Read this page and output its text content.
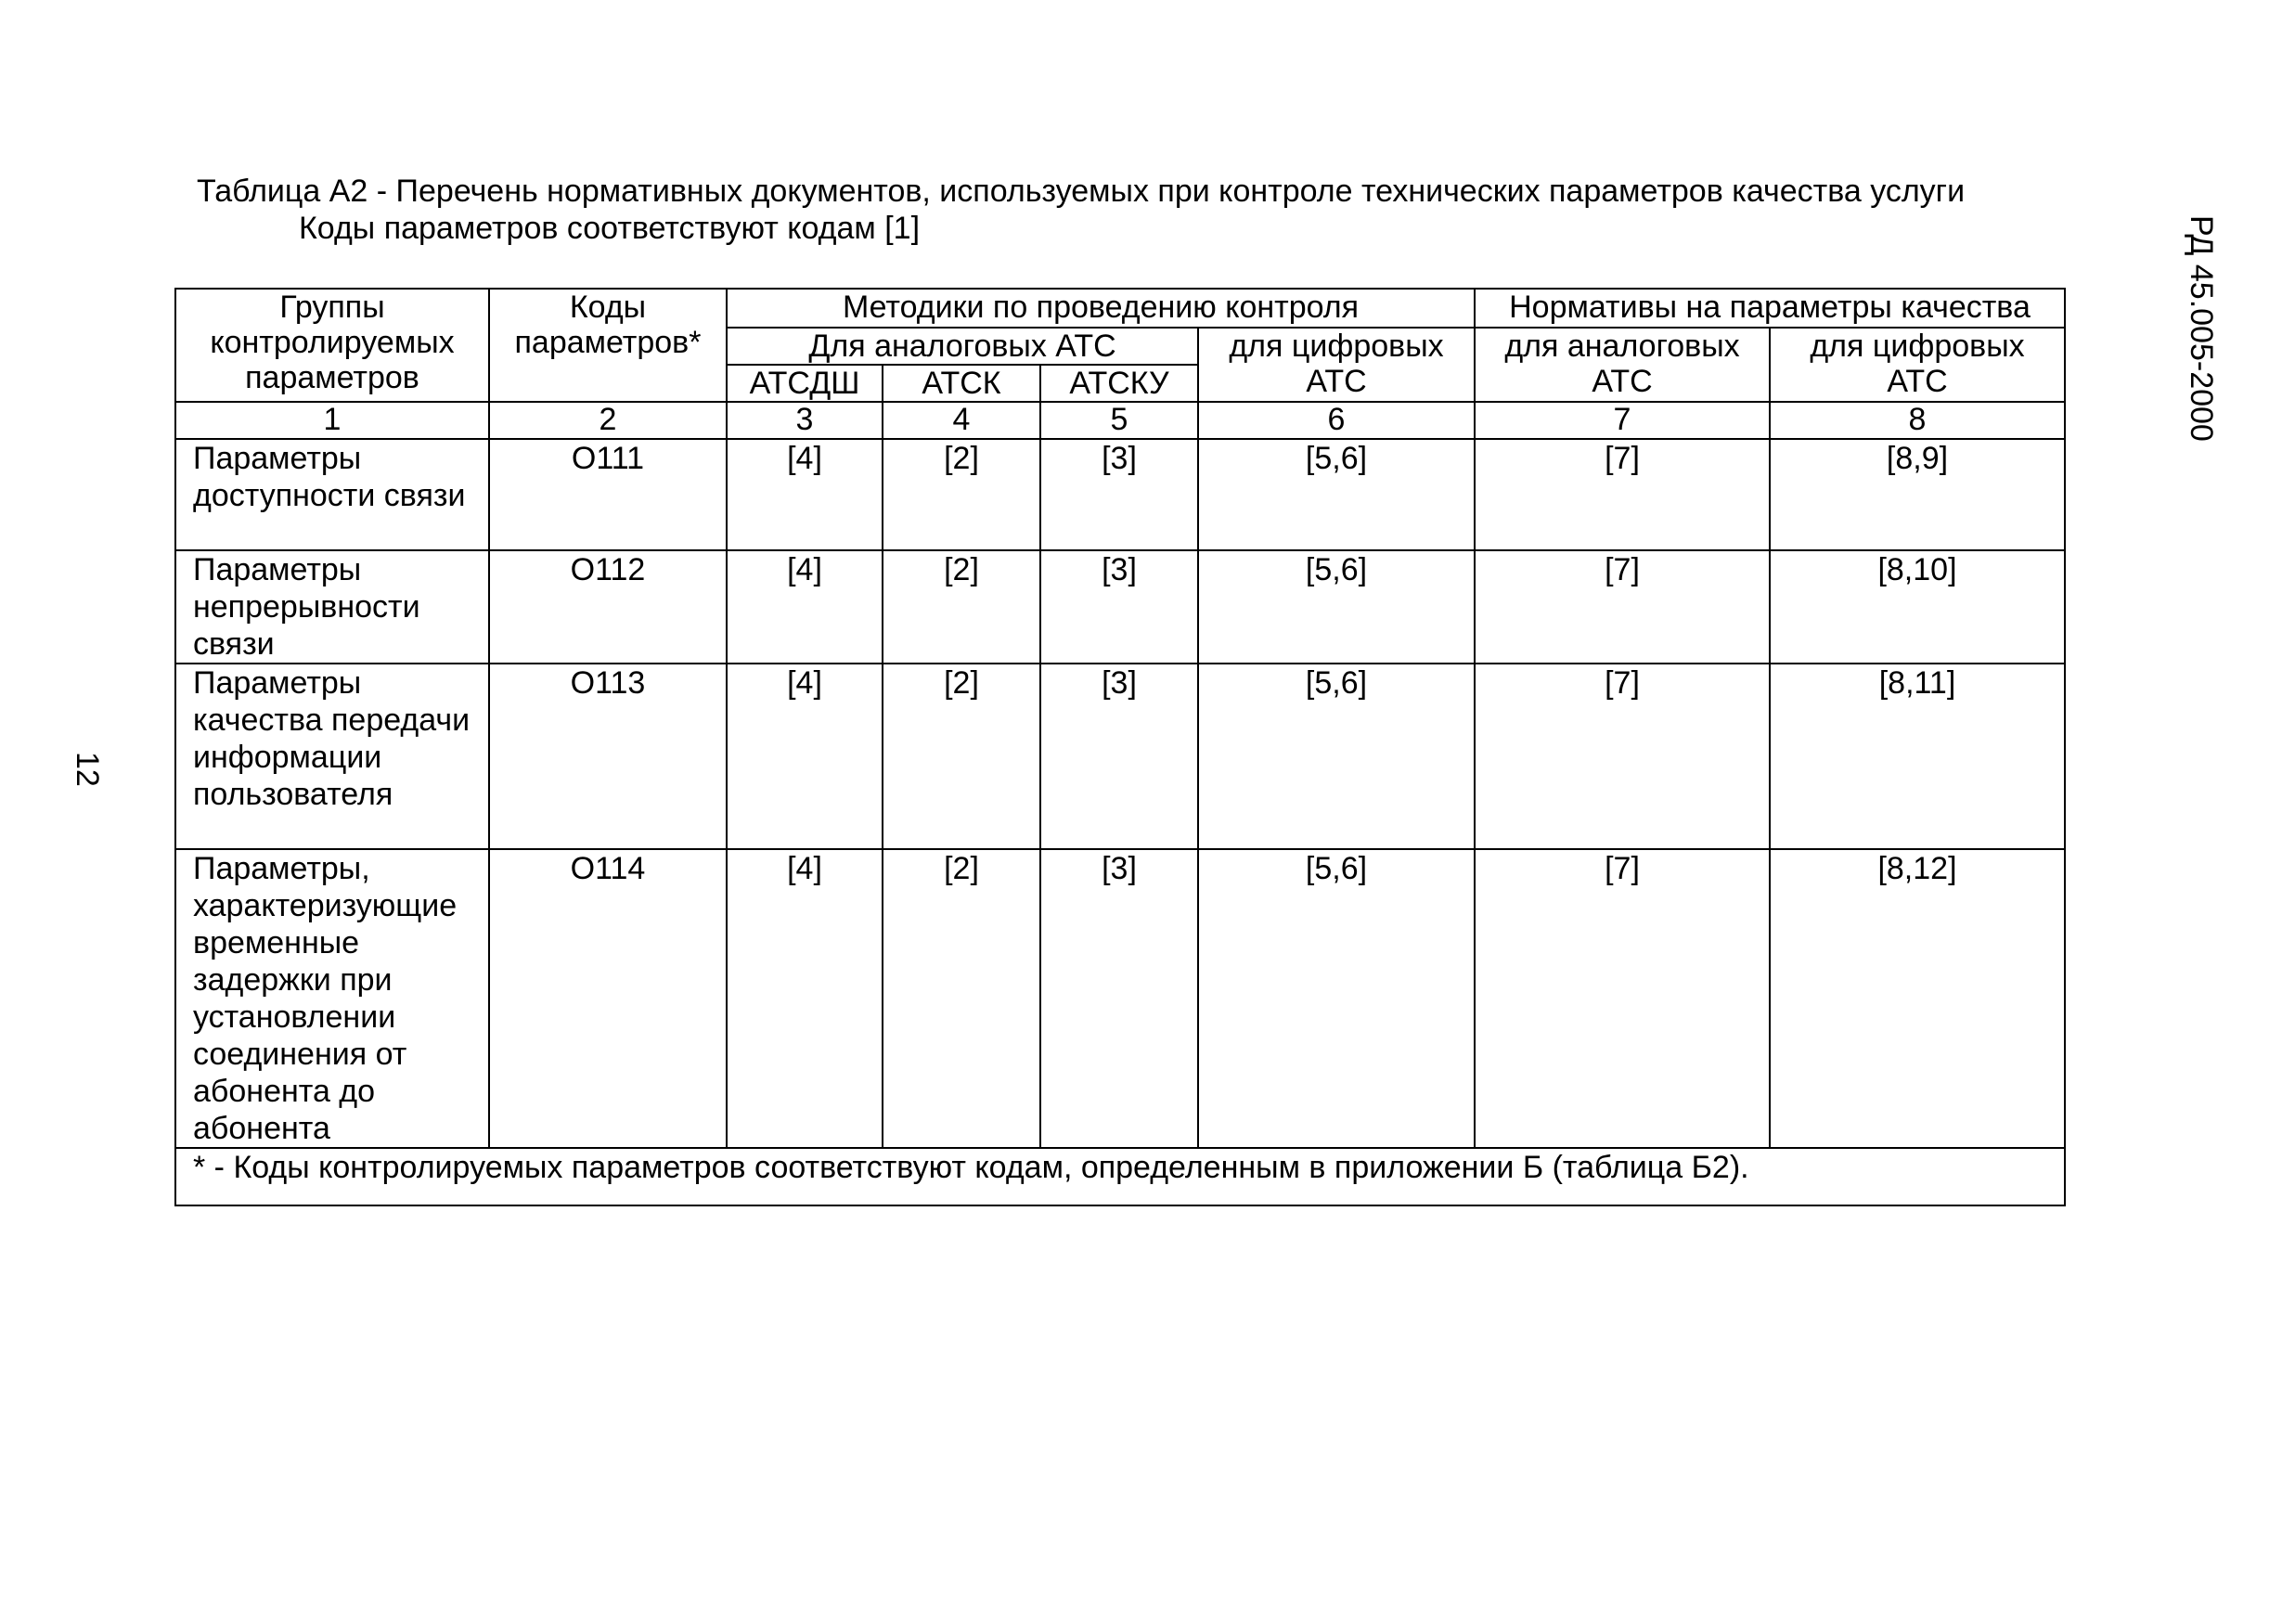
Таблица А2 - Перечень нормативных документов, используемых при контроле технических параметров качества услуги
Коды параметров соответствуют кодам [1]
Группы контролируемых параметров	Коды параметров*	Методики по проведению контроля				Нормативы на параметры качества	
		Для аналоговых АТС			для цифровых АТС	для аналоговых АТС	для цифровых АТС
		АТСДШ	АТСК	АТСКУ			
1	2	3	4	5	6	7	8
Параметры доступности связи	O111	[4]	[2]	[3]	[5,6]	[7]	[8,9]
Параметры непрерывности связи	O112	[4]	[2]	[3]	[5,6]	[7]	[8,10]
Параметры качества передачи информации пользователя	O113	[4]	[2]	[3]	[5,6]	[7]	[8,11]
Параметры, характеризующие временные задержки при установлении соединения от абонента до абонента	O114	[4]	[2]	[3]	[5,6]	[7]	[8,12]
* - Коды контролируемых параметров соответствуют кодам, определенным в приложении Б (таблица Б2).							
РД 45.005-2000
12
